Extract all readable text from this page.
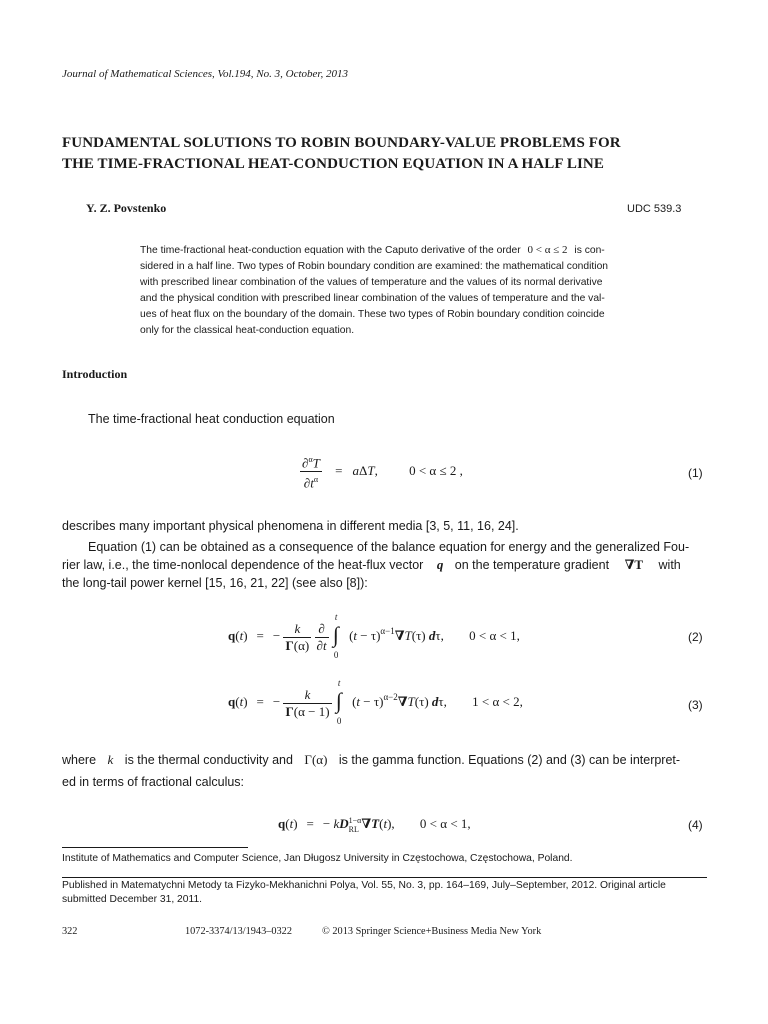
Journal of Mathematical Sciences, Vol.194, No. 3, October, 2013
FUNDAMENTAL SOLUTIONS TO ROBIN BOUNDARY-VALUE PROBLEMS FOR
THE TIME-FRACTIONAL HEAT-CONDUCTION EQUATION IN A HALF LINE
Y. Z. Povstenko	UDC 539.3
The time-fractional heat-conduction equation with the Caputo derivative of the order 0 < α ≤ 2 is con-
sidered in a half line. Two types of Robin boundary condition are examined: the mathematical condition
with prescribed linear combination of the values of temperature and the values of its normal derivative
and the physical condition with prescribed linear combination of the values of temperature and the val-
ues of heat flux on the boundary of the domain. These two types of Robin boundary condition coincide
only for the classical heat-conduction equation.
Introduction
The time-fractional heat conduction equation
$\frac{\partial^\alpha T}{\partial t^\alpha} = a\Delta T$, 0 < α ≤ 2 ,	(1)
describes many important physical phenomena in different media [3, 5, 11, 16, 24].
Equation (1) can be obtained as a consequence of the balance equation for energy and the generalized Fou-
rier law, i.e., the time-nonlocal dependence of the heat-flux vector q on the temperature gradient ∇T with
the long-tail power kernel [15, 16, 21, 22] (see also [8]):
q(t) = − $\frac{k}{\Gamma(\alpha)}$
$\frac{\partial}{\partial t}$

t
∫
0
$(t - \tau)^{\alpha-1}\nabla T(\tau)$ dτ, 0 < α < 1,	(2)
q(t) = − $\frac{k}{\Gamma(\alpha - 1)}$

t
∫
0
$(t - \tau)^{\alpha-2}\nabla T(\tau)$ dτ, 1 < α < 2,	(3)
where k is the thermal conductivity and Γ(α) is the gamma function. Equations (2) and (3) can be interpret-
ed in terms of fractional calculus:
q(t) = − kD 1−α
RL ∇T(t), 0 < α < 1,	(4)
Institute of Mathematics and Computer Science, Jan Długosz University in Częstochowa, Częstochowa, Poland.
Published in Matematychni Metody ta Fizyko-Mekhanichni Polya, Vol. 55, No. 3, pp. 164–169, July–September, 2012. Original article
submitted December 31, 2011.
322	1072-3374/13/1943–0322	© 2013 Springer Science+Business Media New York
